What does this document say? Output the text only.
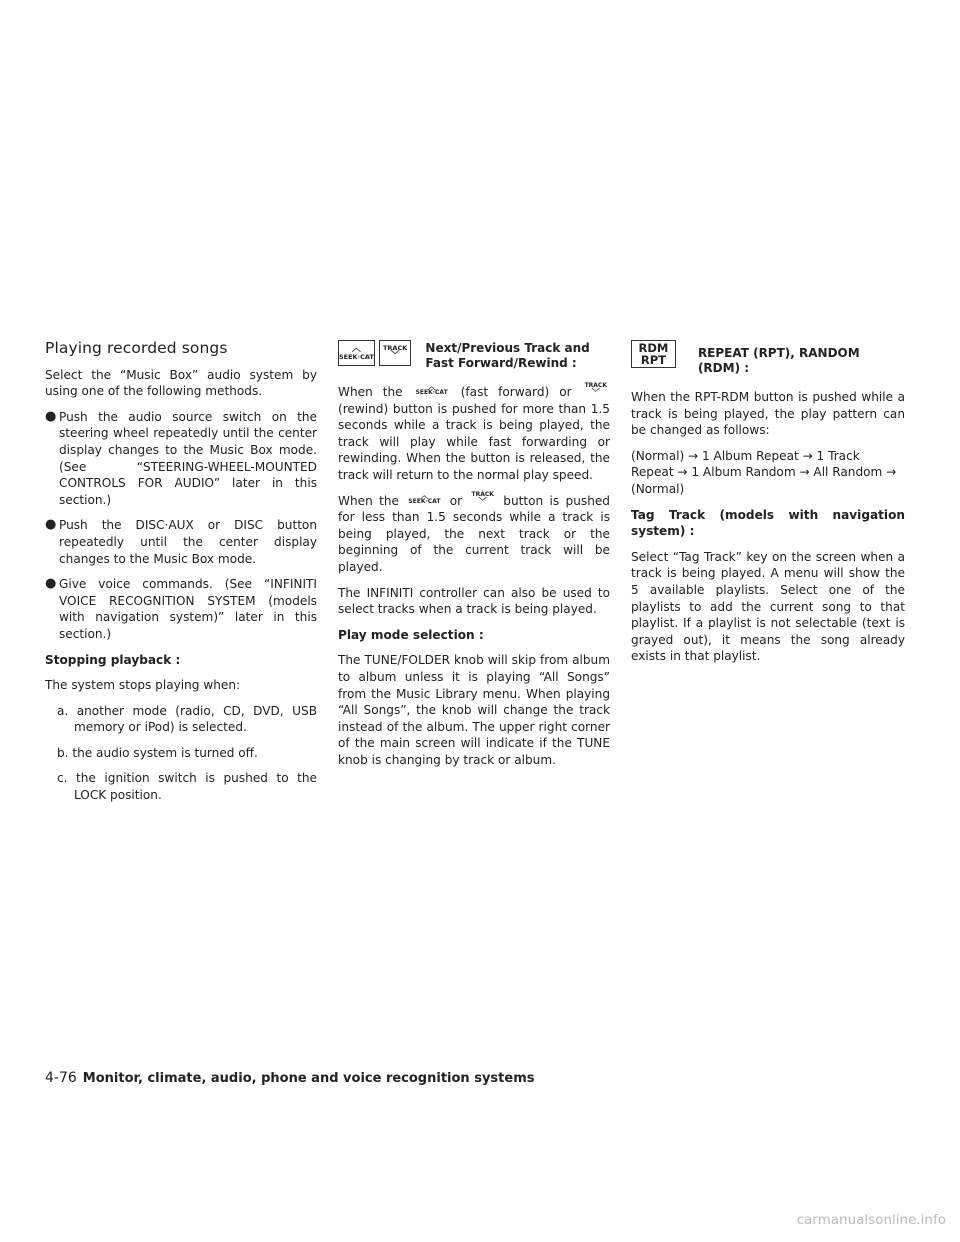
Playing recorded songs

Select the “Music Box” audio system by using one of the following methods.

● Push the audio source switch on the steering wheel repeatedly until the center display changes to the Music Box mode. (See “STEERING-WHEEL-MOUNTED CONTROLS FOR AUDIO” later in this section.)
● Push the DISC·AUX or DISC button repeatedly until the center display changes to the Music Box mode.
● Give voice commands. (See “INFINITI VOICE RECOGNITION SYSTEM (models with navigation system)” later in this section.)

Stopping playback :

The system stops playing when:

a. another mode (radio, CD, DVD, USB memory or iPod) is selected.
b. the audio system is turned off.
c. the ignition switch is pushed to the LOCK position.
︿
SEEK·CAT
TRACK
﹀
Next/Previous Track and Fast Forward/Rewind :

When the	︿
SEEK·CAT (fast forward) or TRACK
﹀
(rewind) button is pushed for more than 1.5 seconds while a track is being played, the track will play while fast forwarding or rewinding. When the button is released, the track will return to the normal play speed.

When the	︿
SEEK·CAT or TRACK
﹀ button is pushed for less than 1.5 seconds while a track is being played, the next track or the beginning of the current track will be played.

The INFINITI controller can also be used to select tracks when a track is being played.

Play mode selection :

The TUNE/FOLDER knob will skip from album to album unless it is playing “All Songs” from the Music Library menu. When playing “All Songs”, the knob will change the track instead of the album. The upper right corner of the main screen will indicate if the TUNE knob is changing by track or album.

RDM
RPT	REPEAT (RPT), RANDOM (RDM) :

When the RPT-RDM button is pushed while a track is being played, the play pattern can be changed as follows:

(Normal) → 1 Album Repeat → 1 Track Repeat → 1 Album Random → All Random → (Normal)

Tag Track (models with navigation system) :

Select “Tag Track” key on the screen when a track is being played. A menu will show the 5 available playlists. Select one of the playlists to add the current song to that playlist. If a playlist is not selectable (text is grayed out), it means the song already exists in that playlist.

4-76 Monitor, climate, audio, phone and voice recognition systems
carmanualsonline.info
